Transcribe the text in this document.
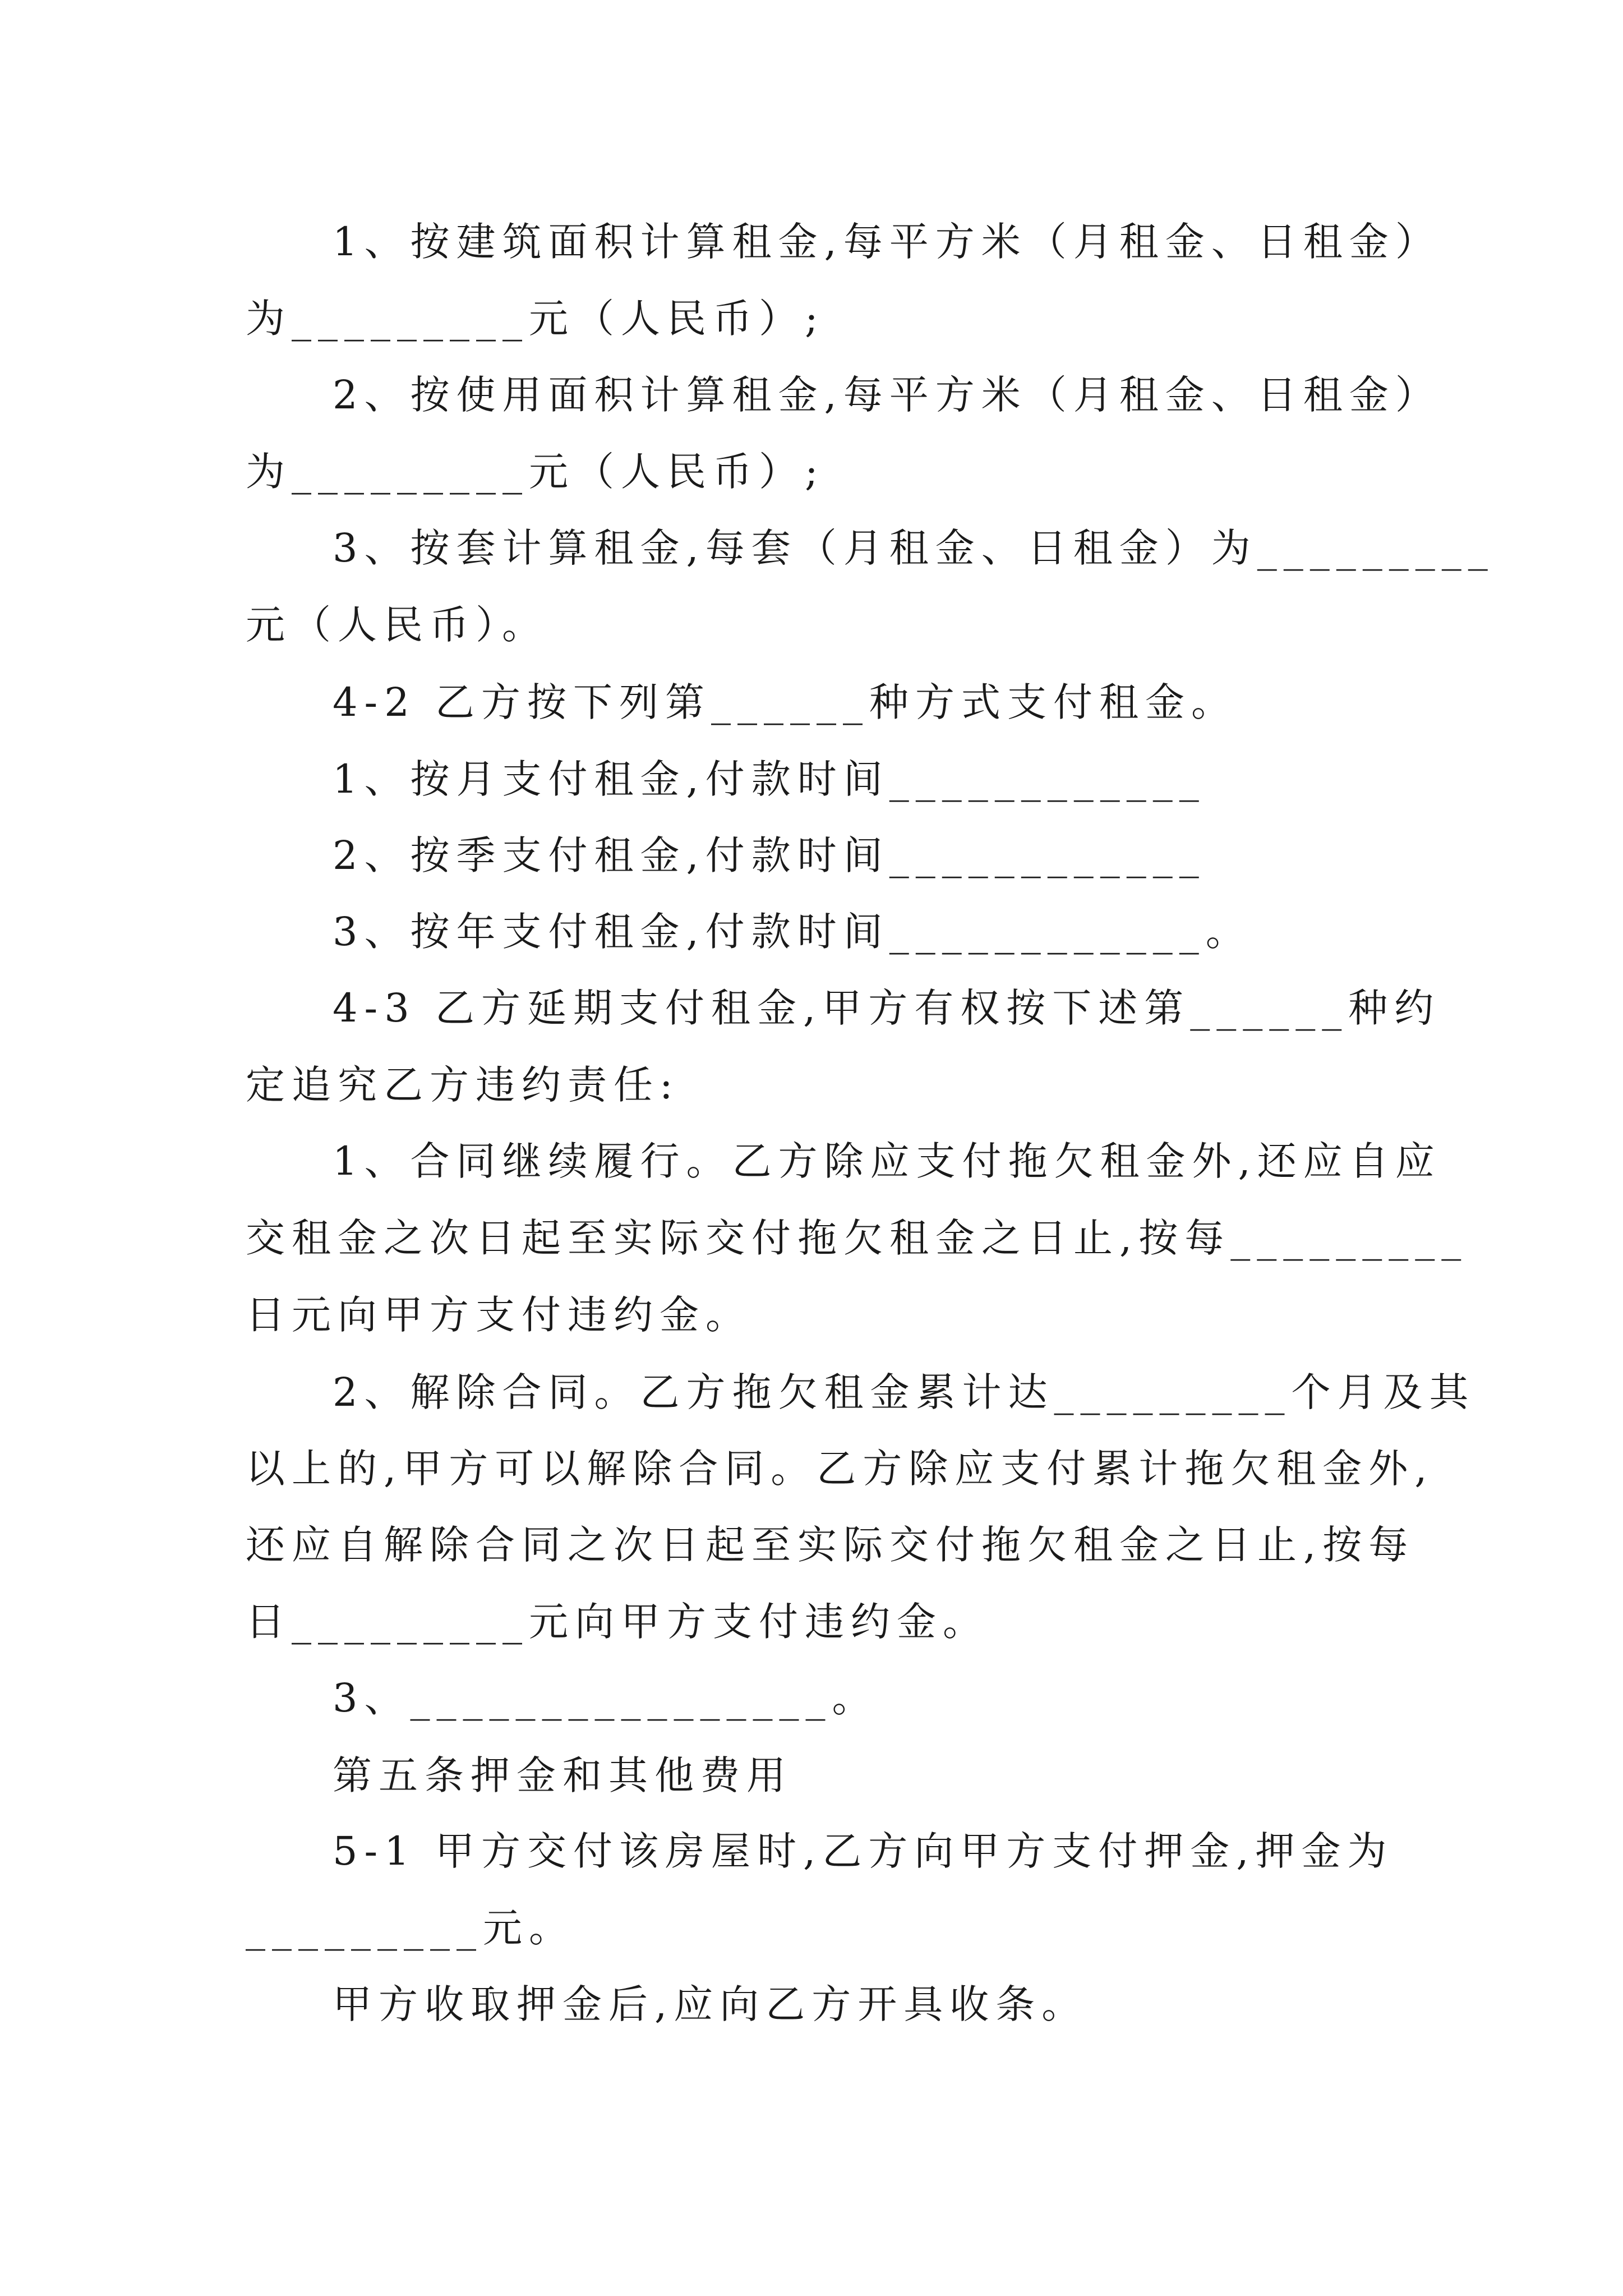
1、按建筑面积计算租金,每平方米（月租金、日租金）
为_________元（人民币）;
2、按使用面积计算租金,每平方米（月租金、日租金）
为_________元（人民币）;
3、按套计算租金,每套（月租金、日租金）为_________
元（人民币）。
4-2 乙方按下列第______种方式支付租金。
1、按月支付租金,付款时间____________
2、按季支付租金,付款时间____________
3、按年支付租金,付款时间____________。
4-3 乙方延期支付租金,甲方有权按下述第______种约
定追究乙方违约责任:
1、合同继续履行。乙方除应支付拖欠租金外,还应自应
交租金之次日起至实际交付拖欠租金之日止,按每_________
日元向甲方支付违约金。
2、解除合同。乙方拖欠租金累计达_________个月及其
以上的,甲方可以解除合同。乙方除应支付累计拖欠租金外,
还应自解除合同之次日起至实际交付拖欠租金之日止,按每
日_________元向甲方支付违约金。
3、________________。
第五条押金和其他费用
5-1 甲方交付该房屋时,乙方向甲方支付押金,押金为
_________元。
甲方收取押金后,应向乙方开具收条。
